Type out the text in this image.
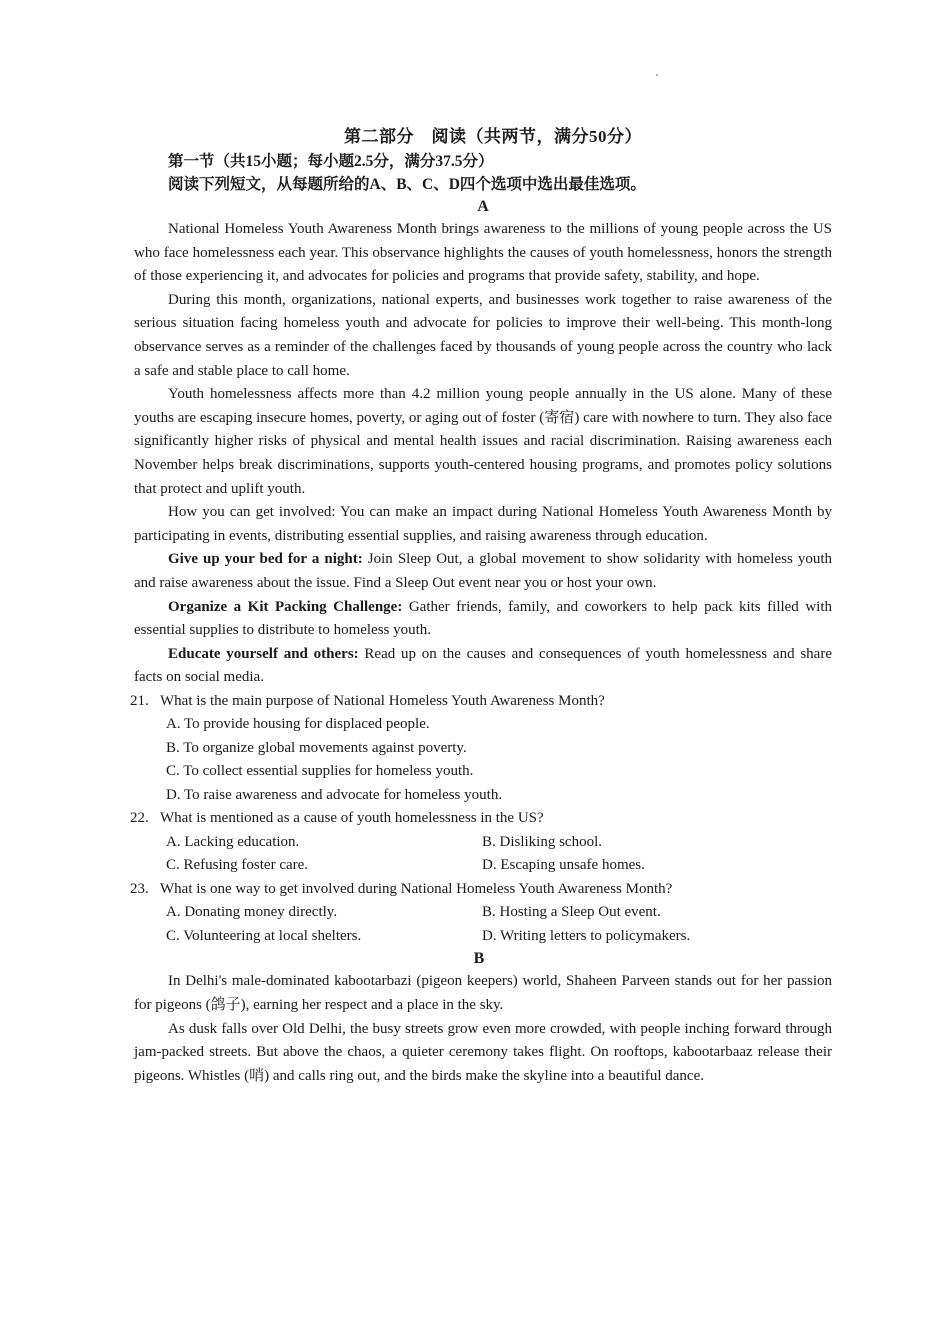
第二部分　阅读（共两节，满分50分）
第一节（共15小题；每小题2.5分，满分37.5分）
阅读下列短文，从每题所给的A、B、C、D四个选项中选出最佳选项。
A

National Homeless Youth Awareness Month brings awareness to the millions of young people across the US who face homelessness each year. This observance highlights the causes of youth homelessness, honors the strength of those experiencing it, and advocates for policies and programs that provide safety, stability, and hope.

During this month, organizations, national experts, and businesses work together to raise awareness of the serious situation facing homeless youth and advocate for policies to improve their well-being. This month-long observance serves as a reminder of the challenges faced by thousands of young people across the country who lack a safe and stable place to call home.

Youth homelessness affects more than 4.2 million young people annually in the US alone. Many of these youths are escaping insecure homes, poverty, or aging out of foster (寄宿) care with nowhere to turn. They also face significantly higher risks of physical and mental health issues and racial discrimination. Raising awareness each November helps break discriminations, supports youth-centered housing programs, and promotes policy solutions that protect and uplift youth.

How you can get involved: You can make an impact during National Homeless Youth Awareness Month by participating in events, distributing essential supplies, and raising awareness through education.

Give up your bed for a night: Join Sleep Out, a global movement to show solidarity with homeless youth and raise awareness about the issue. Find a Sleep Out event near you or host your own.

Organize a Kit Packing Challenge: Gather friends, family, and coworkers to help pack kits filled with essential supplies to distribute to homeless youth.

Educate yourself and others: Read up on the causes and consequences of youth homelessness and share facts on social media.

21. What is the main purpose of National Homeless Youth Awareness Month?
A. To provide housing for displaced people.
B. To organize global movements against poverty.
C. To collect essential supplies for homeless youth.
D. To raise awareness and advocate for homeless youth.
22. What is mentioned as a cause of youth homelessness in the US?
A. Lacking education.	B. Disliking school.
C. Refusing foster care.	D. Escaping unsafe homes.
23. What is one way to get involved during National Homeless Youth Awareness Month?
A. Donating money directly.	B. Hosting a Sleep Out event.
C. Volunteering at local shelters.	D. Writing letters to policymakers.
B

In Delhi's male-dominated kabootarbazi (pigeon keepers) world, Shaheen Parveen stands out for her passion for pigeons (鸽子), earning her respect and a place in the sky.

As dusk falls over Old Delhi, the busy streets grow even more crowded, with people inching forward through jam-packed streets. But above the chaos, a quieter ceremony takes flight. On rooftops, kabootarbaaz release their pigeons. Whistles (哨) and calls ring out, and the birds make the skyline into a beautiful dance.
